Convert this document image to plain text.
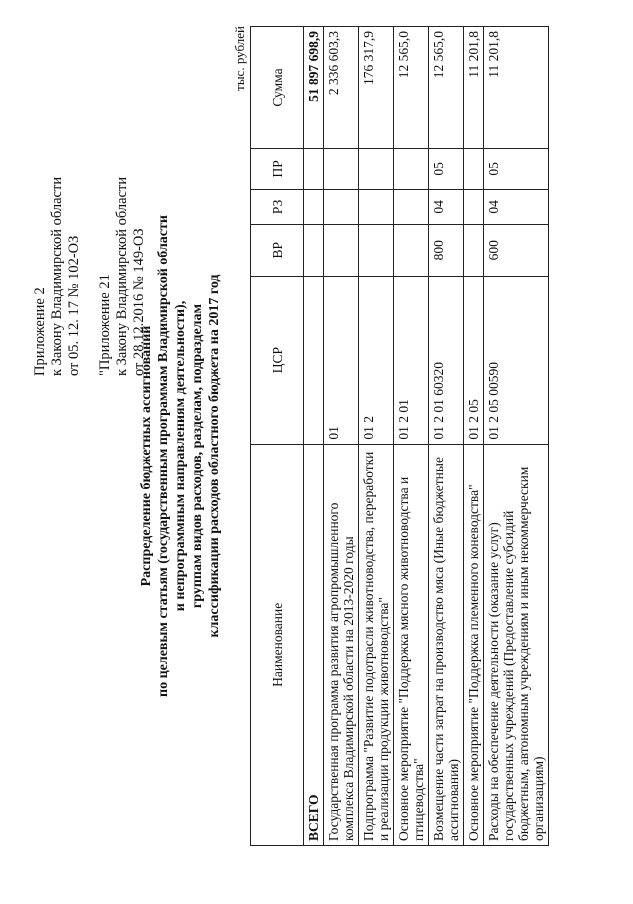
Приложение 2 к Закону Владимирской области от 05. 12. 17 № 102-ОЗ "Приложение 21 к Закону Владимирской области от 28.12.2016 № 149-ОЗ
Распределение бюджетных ассигнований по целевым статьям (государственным программам Владимирской области и непрограммным направлениям деятельности), группам видов расходов, разделам, подразделам классификации расходов областного бюджета на 2017 год
тыс. рублей
Наименование	ЦСР	ВР	РЗ	ПР	Сумма
ВСЕГО					51 897 698,9
Государственная программа развития агропромышленного комплекса Владимирской области на 2013-2020 годы	01				2 336 603,3
Подпрограмма "Развитие подотрасли животноводства, переработки и реализации продукции животноводства"	01 2				176 317,9
Основное мероприятие "Поддержка мясного животноводства и птицеводства"	01 2 01				12 565,0
Возмещение части затрат на производство мяса (Иные бюджетные ассигнования)	01 2 01 60320	800	04	05	12 565,0
Основное мероприятие "Поддержка племенного коневодства"	01 2 05				11 201,8
Расходы на обеспечение деятельности (оказание услуг) государственных учреждений (Предоставление субсидий бюджетным, автономным учреждениям и иным некоммерческим организациям)	01 2 05 00590	600	04	05	11 201,8
